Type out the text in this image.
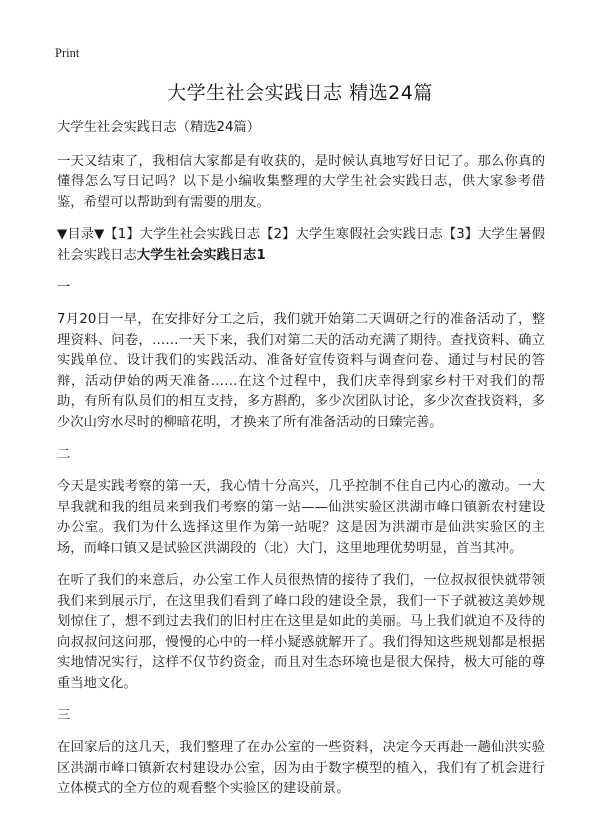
Print
大学生社会实践日志 精选24篇

大学生社会实践日志（精选24篇）

一天又结束了，我相信大家都是有收获的，是时候认真地写好日记了。那么你真的懂得怎么写日记吗？以下是小编收集整理的大学生社会实践日志，供大家参考借鉴，希望可以帮助到有需要的朋友。

▼目录▼【1】大学生社会实践日志【2】大学生寒假社会实践日志【3】大学生暑假社会实践日志大学生社会实践日志1

一

7月20日一早，在安排好分工之后，我们就开始第二天调研之行的准备活动了，整理资料、问卷，……一天下来，我们对第二天的活动充满了期待。查找资料、确立实践单位、设计我们的实践活动、准备好宣传资料与调查问卷、通过与村民的答辩，活动伊始的两天准备……在这个过程中，我们庆幸得到家乡村干对我们的帮助，有所有队员们的相互支持，多方斟酌，多少次团队讨论，多少次查找资料，多少次山穷水尽时的柳暗花明，才换来了所有准备活动的日臻完善。

二

今天是实践考察的第一天，我心情十分高兴，几乎控制不住自己内心的激动。一大早我就和我的组员来到我们考察的第一站——仙洪实验区洪湖市峰口镇新农村建设办公室。我们为什么选择这里作为第一站呢？这是因为洪湖市是仙洪实验区的主场，而峰口镇又是试验区洪湖段的（北）大门，这里地理优势明显，首当其冲。

在听了我们的来意后，办公室工作人员很热情的接待了我们，一位叔叔很快就带领我们来到展示厅，在这里我们看到了峰口段的建设全景，我们一下子就被这美妙规划惊住了，想不到过去我们的旧村庄在这里是如此的美丽。马上我们就迫不及待的向叔叔问这问那，慢慢的心中的一样小疑惑就解开了。我们得知这些规划都是根据实地情况实行，这样不仅节约资金，而且对生态环境也是很大保持，极大可能的尊重当地文化。

三

在回家后的这几天，我们整理了在办公室的一些资料，决定今天再赴一趟仙洪实验区洪湖市峰口镇新农村建设办公室，因为由于数字模型的植入，我们有了机会进行立体模式的全方位的观看整个实验区的建设前景。
